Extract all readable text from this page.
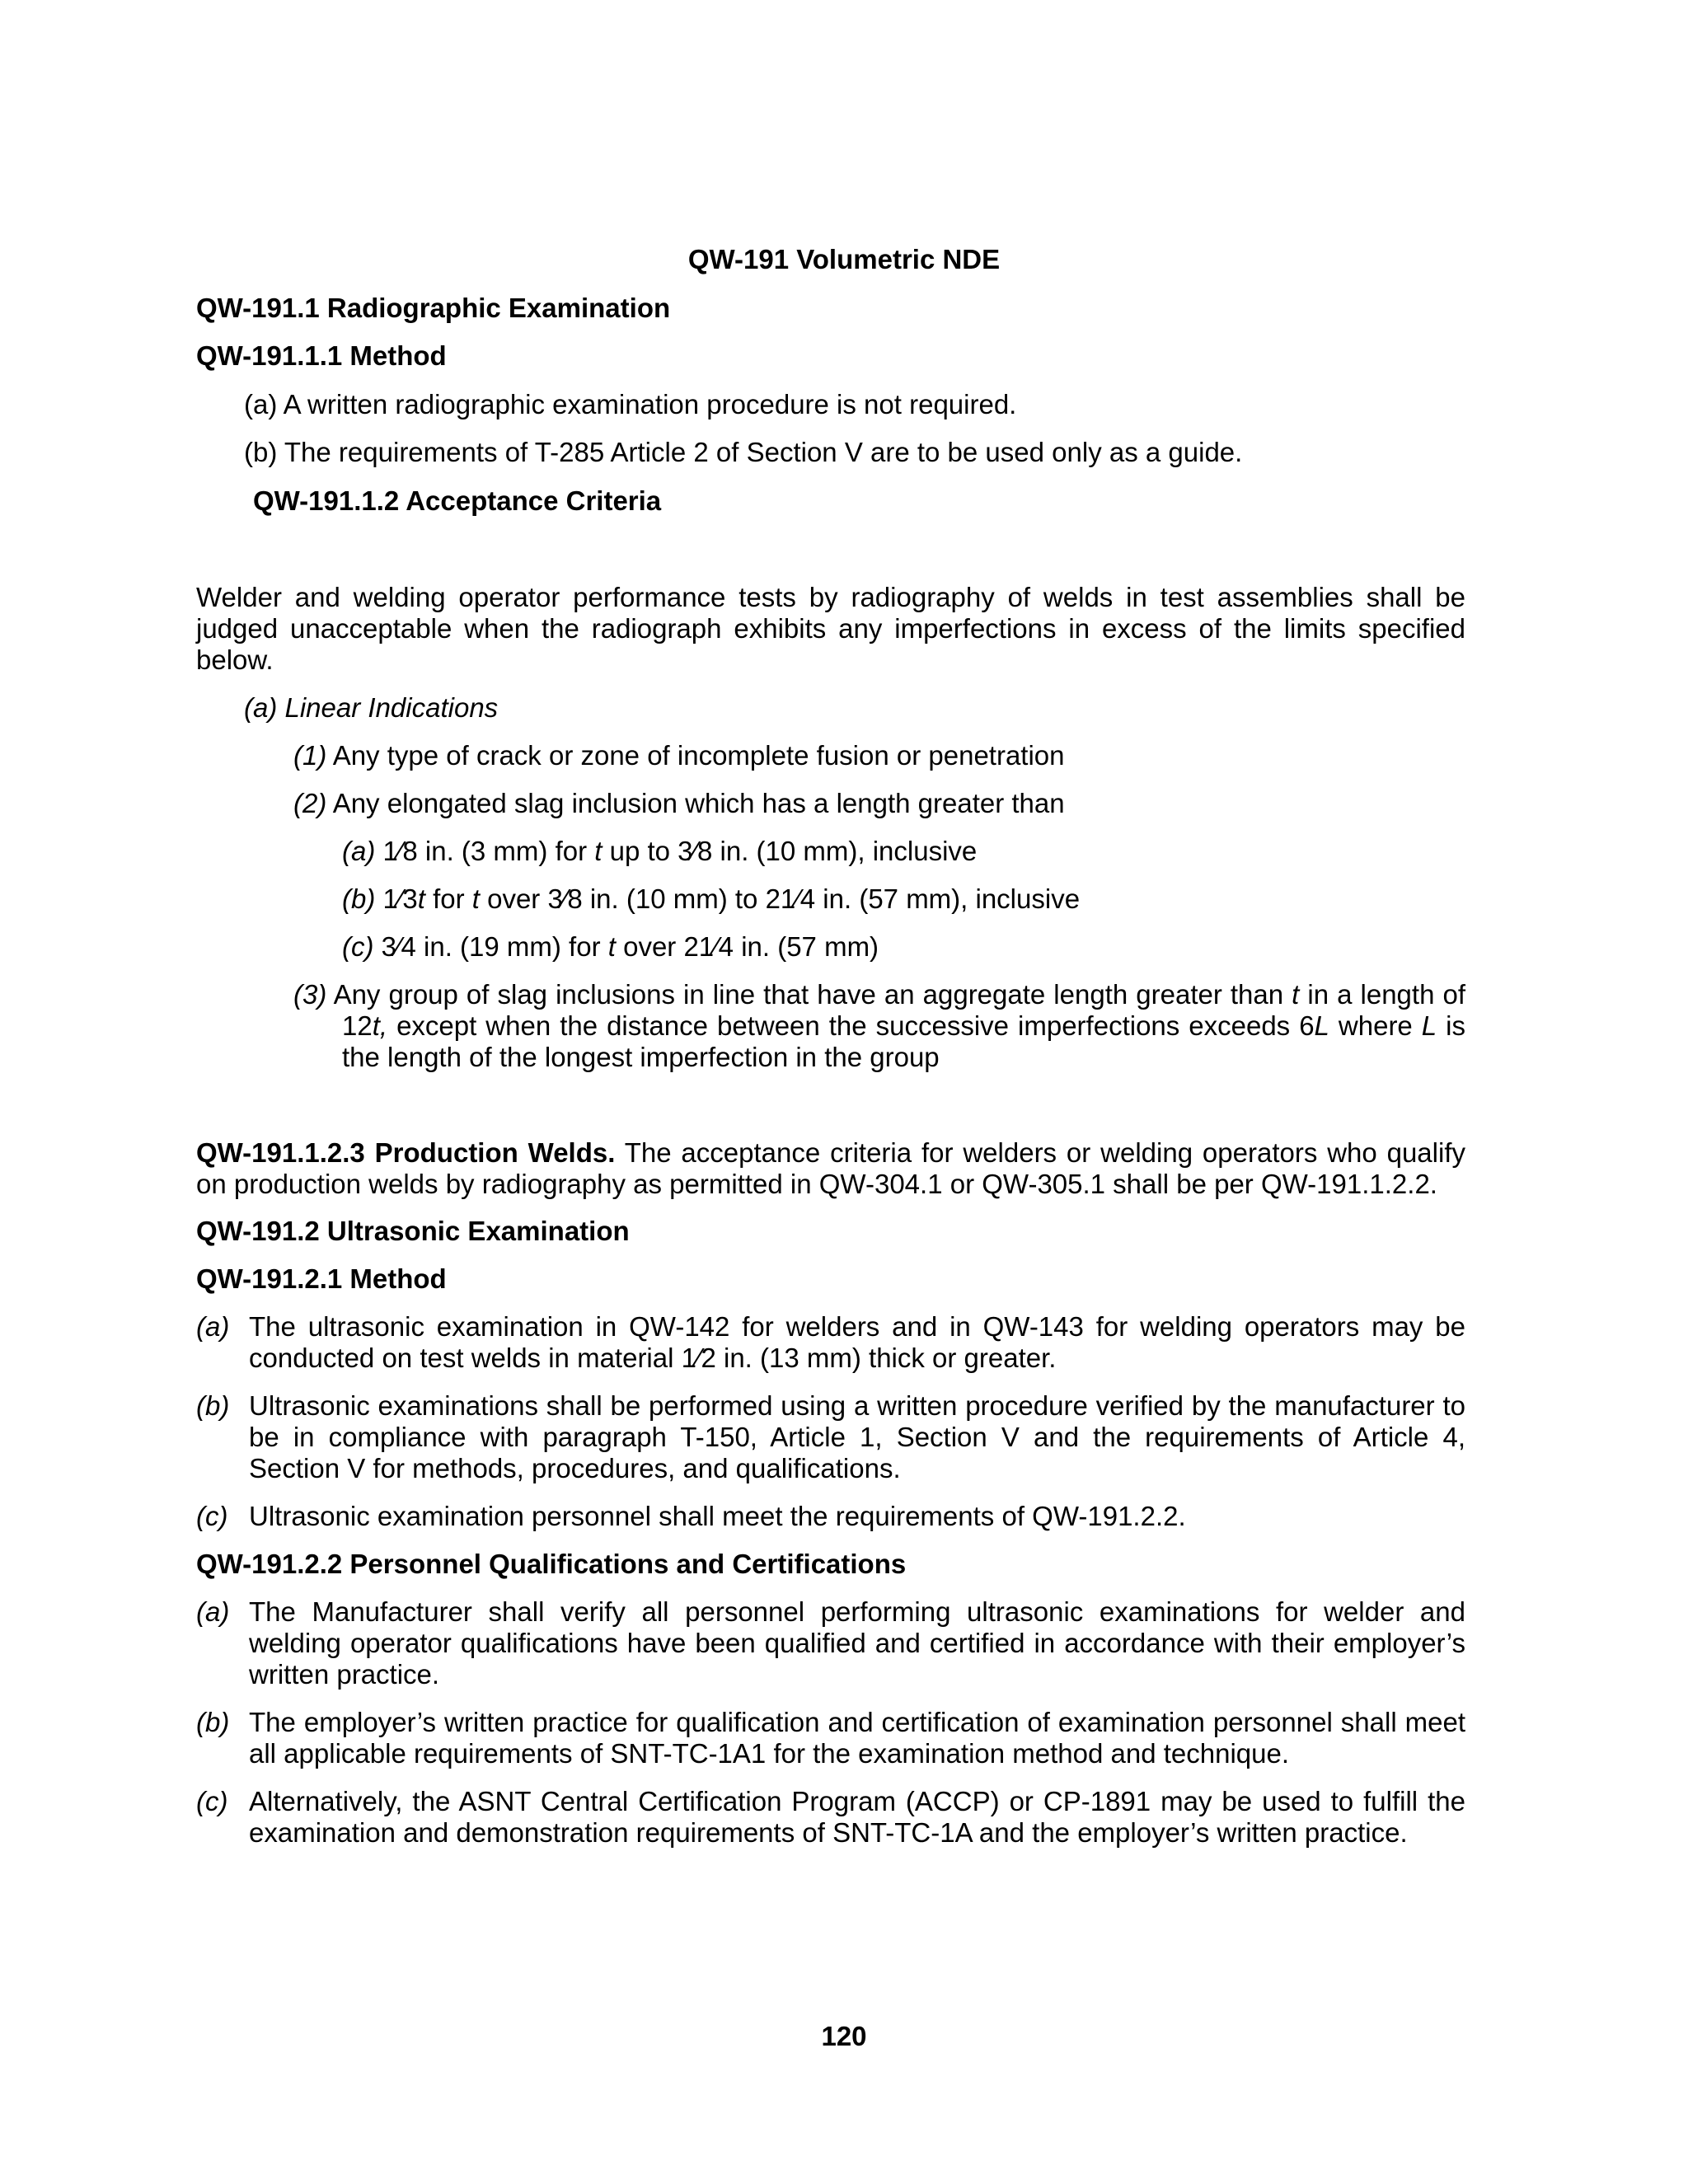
QW-191 Volumetric NDE

QW-191.1 Radiographic Examination

QW-191.1.1 Method

(a) A written radiographic examination procedure is not required.

(b) The requirements of T-285 Article 2 of Section V are to be used only as a guide.

QW-191.1.2 Acceptance Criteria

Welder and welding operator performance tests by radiography of welds in test assemblies shall be judged unacceptable when the radiograph exhibits any imperfections in excess of the limits specified below.

(a) Linear Indications

(1) Any type of crack or zone of incomplete fusion or penetration

(2) Any elongated slag inclusion which has a length greater than

(a) 1⁄8 in. (3 mm) for t up to 3⁄8 in. (10 mm), inclusive

(b) 1⁄3t for t over 3⁄8 in. (10 mm) to 21⁄4 in. (57 mm), inclusive

(c) 3⁄4 in. (19 mm) for t over 21⁄4 in. (57 mm)

(3) Any group of slag inclusions in line that have an aggregate length greater than t in a length of 12t, except when the distance between the successive imperfections exceeds 6L where L is the length of the longest imperfection in the group

QW-191.1.2.3 Production Welds. The acceptance criteria for welders or welding operators who qualify on production welds by radiography as permitted in QW-304.1 or QW-305.1 shall be per QW-191.1.2.2.

QW-191.2 Ultrasonic Examination

QW-191.2.1 Method

(a) The ultrasonic examination in QW-142 for welders and in QW-143 for welding operators may be conducted on test welds in material 1⁄2 in. (13 mm) thick or greater.
(b) Ultrasonic examinations shall be performed using a written procedure verified by the manufacturer to be in compliance with paragraph T-150, Article 1, Section V and the requirements of Article 4, Section V for methods, procedures, and qualifications.
(c) Ultrasonic examination personnel shall meet the requirements of QW-191.2.2.

QW-191.2.2 Personnel Qualifications and Certifications

(a) The Manufacturer shall verify all personnel performing ultrasonic examinations for welder and welding operator qualifications have been qualified and certified in accordance with their employer’s written practice.
(b) The employer’s written practice for qualification and certification of examination personnel shall meet all applicable requirements of SNT-TC-1A1 for the examination method and technique.
(c) Alternatively, the ASNT Central Certification Program (ACCP) or CP-1891 may be used to fulfill the examination and demonstration requirements of SNT-TC-1A and the employer’s written practice.

120
